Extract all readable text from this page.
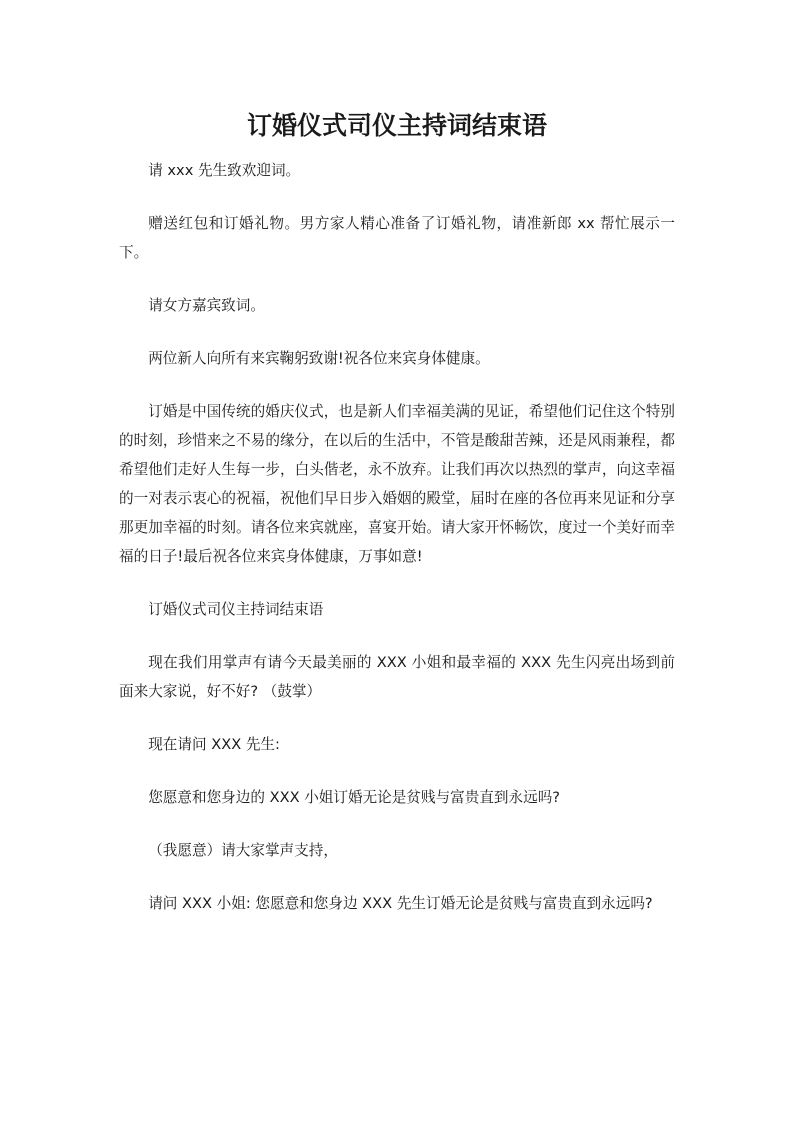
订婚仪式司仪主持词结束语

请 xxx 先生致欢迎词。

赠送红包和订婚礼物。男方家人精心准备了订婚礼物，请准新郎 xx 帮忙展示一下。

请女方嘉宾致词。

两位新人向所有来宾鞠躬致谢!祝各位来宾身体健康。

订婚是中国传统的婚庆仪式，也是新人们幸福美满的见证，希望他们记住这个特别的时刻，珍惜来之不易的缘分，在以后的生活中，不管是酸甜苦辣，还是风雨兼程，都希望他们走好人生每一步，白头偕老，永不放弃。让我们再次以热烈的掌声，向这幸福的一对表示衷心的祝福，祝他们早日步入婚姻的殿堂，届时在座的各位再来见证和分享那更加幸福的时刻。请各位来宾就座，喜宴开始。请大家开怀畅饮，度过一个美好而幸福的日子!最后祝各位来宾身体健康，万事如意!

订婚仪式司仪主持词结束语

现在我们用掌声有请今天最美丽的 XXX 小姐和最幸福的 XXX 先生闪亮出场到前面来大家说，好不好? （鼓掌）

现在请问 XXX 先生:

您愿意和您身边的 XXX 小姐订婚无论是贫贱与富贵直到永远吗?

（我愿意）请大家掌声支持，

请问 XXX 小姐: 您愿意和您身边 XXX 先生订婚无论是贫贱与富贵直到永远吗?
